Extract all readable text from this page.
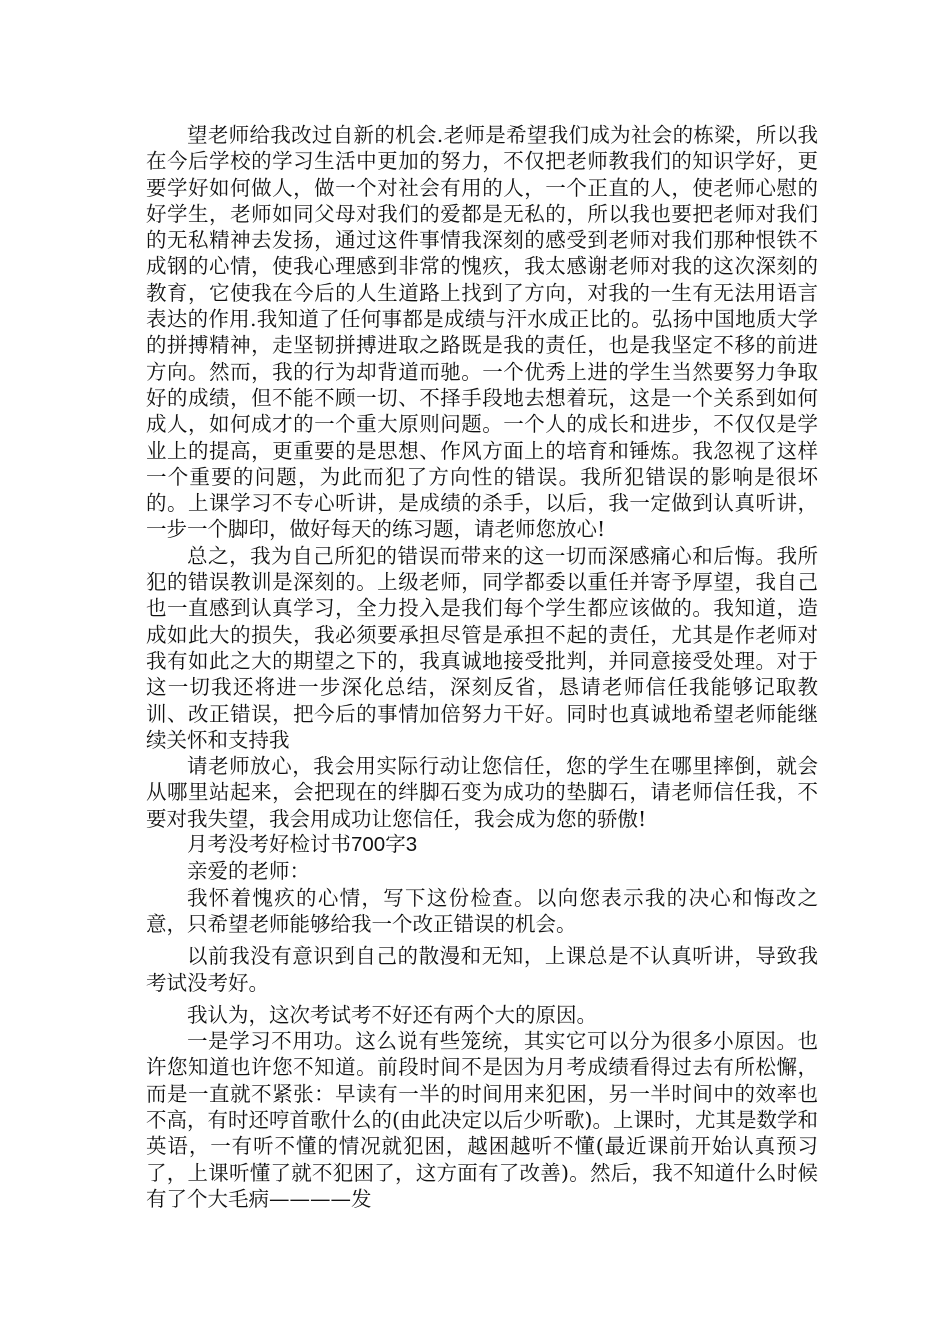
望老师给我改过自新的机会.老师是希望我们成为社会的栋梁，所以我在今后学校的学习生活中更加的努力，不仅把老师教我们的知识学好，更要学好如何做人，做一个对社会有用的人，一个正直的人，使老师心慰的好学生，老师如同父母对我们的爱都是无私的，所以我也要把老师对我们的无私精神去发扬，通过这件事情我深刻的感受到老师对我们那种恨铁不成钢的心情，使我心理感到非常的愧疚，我太感谢老师对我的这次深刻的教育，它使我在今后的人生道路上找到了方向，对我的一生有无法用语言表达的作用.我知道了任何事都是成绩与汗水成正比的。弘扬中国地质大学的拼搏精神，走坚韧拼搏进取之路既是我的责任，也是我坚定不移的前进方向。然而，我的行为却背道而驰。一个优秀上进的学生当然要努力争取好的成绩，但不能不顾一切、不择手段地去想着玩，这是一个关系到如何成人，如何成才的一个重大原则问题。一个人的成长和进步，不仅仅是学业上的提高，更重要的是思想、作风方面上的培育和锤炼。我忽视了这样一个重要的问题，为此而犯了方向性的错误。我所犯错误的影响是很坏的。上课学习不专心听讲，是成绩的杀手，以后，我一定做到认真听讲，一步一个脚印，做好每天的练习题，请老师您放心!

总之，我为自己所犯的错误而带来的这一切而深感痛心和后悔。我所犯的错误教训是深刻的。上级老师，同学都委以重任并寄予厚望，我自己也一直感到认真学习，全力投入是我们每个学生都应该做的。我知道，造成如此大的损失，我必须要承担尽管是承担不起的责任，尤其是作老师对我有如此之大的期望之下的，我真诚地接受批判，并同意接受处理。对于这一切我还将进一步深化总结，深刻反省，恳请老师信任我能够记取教训、改正错误，把今后的事情加倍努力干好。同时也真诚地希望老师能继续关怀和支持我

请老师放心，我会用实际行动让您信任，您的学生在哪里摔倒，就会从哪里站起来，会把现在的绊脚石变为成功的垫脚石，请老师信任我，不要对我失望，我会用成功让您信任，我会成为您的骄傲!

月考没考好检讨书700字3

亲爱的老师：

我怀着愧疚的心情，写下这份检查。以向您表示我的决心和悔改之意，只希望老师能够给我一个改正错误的机会。

以前我没有意识到自己的散漫和无知，上课总是不认真听讲，导致我考试没考好。

我认为，这次考试考不好还有两个大的原因。

一是学习不用功。这么说有些笼统，其实它可以分为很多小原因。也许您知道也许您不知道。前段时间不是因为月考成绩看得过去有所松懈，而是一直就不紧张：早读有一半的时间用来犯困，另一半时间中的效率也不高，有时还哼首歌什么的(由此决定以后少听歌)。上课时，尤其是数学和英语，一有听不懂的情况就犯困，越困越听不懂(最近课前开始认真预习了，上课听懂了就不犯困了，这方面有了改善)。然后，我不知道什么时候有了个大毛病————发
